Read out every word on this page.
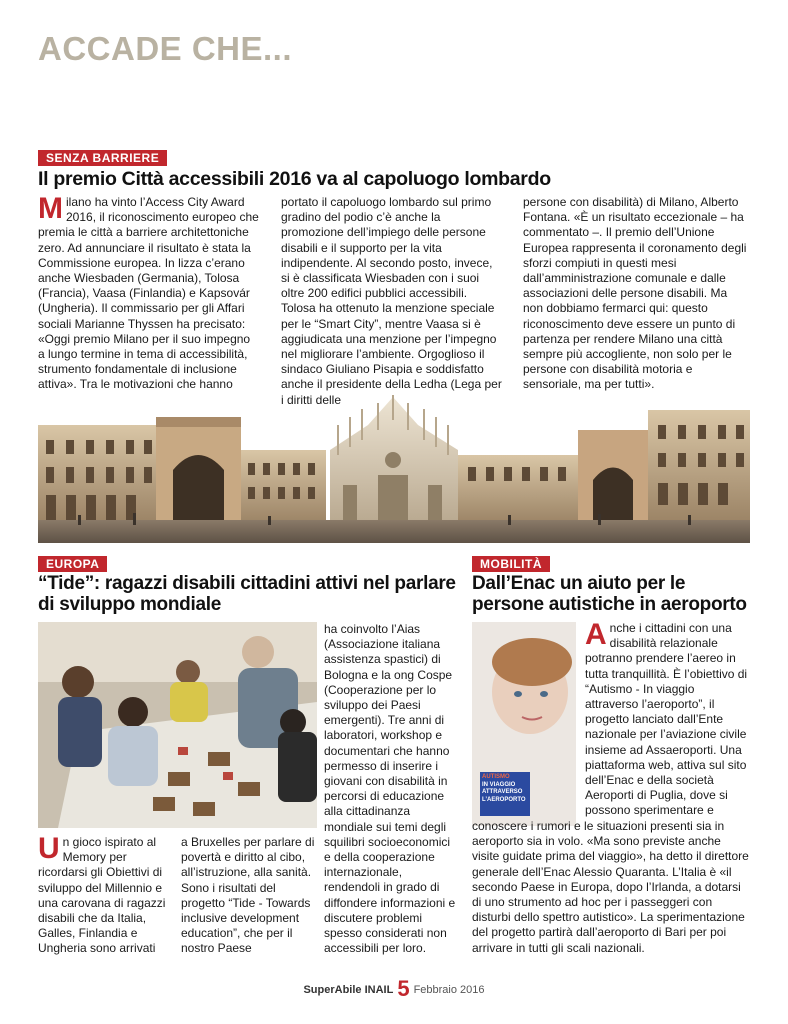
ACCADE CHE...
SENZA BARRIERE
Il premio Città accessibili 2016 va al capoluogo lombardo

Milano ha vinto l’Access City Award 2016, il riconoscimento europeo che premia le città a barriere architettoniche zero. Ad annunciare il risultato è stata la Commissione europea. In lizza c’erano anche Wiesbaden (Germania), Tolosa (Francia), Vaasa (Finlandia) e Kapsovár (Ungheria). Il commissario per gli Affari sociali Marianne Thyssen ha precisato: «Oggi premio Milano per il suo impegno a lungo termine in tema di accessibilità, strumento fondamentale di inclusione attiva». Tra le motivazioni che hanno

portato il capoluogo lombardo sul primo gradino del podio c’è anche la promozione dell’impiego delle persone disabili e il supporto per la vita indipendente. Al secondo posto, invece, si è classificata Wiesbaden con i suoi oltre 200 edifici pubblici accessibili. Tolosa ha ottenuto la menzione speciale per le “Smart City”, mentre Vaasa si è aggiudicata una menzione per l’impegno nel migliorare l’ambiente. Orgoglioso il sindaco Giuliano Pisapia e soddisfatto anche il presidente della Ledha (Lega per i diritti delle

persone con disabilità) di Milano, Alberto Fontana. «È un risultato eccezionale – ha commentato –. Il premio dell’Unione Europea rappresenta il coronamento degli sforzi compiuti in questi mesi dall’amministrazione comunale e dalle associazioni delle persone disabili. Ma non dobbiamo fermarci qui: questo riconoscimento deve essere un punto di partenza per rendere Milano una città sempre più accogliente, non solo per le persone con disabilità motoria e sensoriale, ma per tutti».

EUROPA
“Tide”: ragazzi disabili cittadini attivi nel parlare di sviluppo mondiale

Un gioco ispirato al Memory per ricordarsi gli Obiettivi di sviluppo del Millennio e una carovana di ragazzi disabili che da Italia, Galles, Finlandia e Ungheria sono arrivati

a Bruxelles per parlare di povertà e diritto al cibo, all’istruzione, alla sanità. Sono i risultati del progetto “Tide - Towards inclusive development education”, che per il nostro Paese

ha coinvolto l’Aias (Associazione italiana assistenza spastici) di Bologna e la ong Cospe (Cooperazione per lo sviluppo dei Paesi emergenti). Tre anni di laboratori, workshop e documentari che hanno permesso di inserire i giovani con disabilità in percorsi di educazione alla cittadinanza mondiale sui temi degli squilibri socioeconomici e della cooperazione internazionale, rendendoli in grado di diffondere informazioni e discutere problemi spesso considerati non accessibili per loro.

MOBILITÀ
Dall’Enac un aiuto per le persone autistiche in aeroporto
AUTISMO
IN VIAGGIO
ATTRAVERSO
L’AEROPORTO

Anche i cittadini con una disabilità relazionale potranno prendere l’aereo in tutta tranquillità. È l’obiettivo di “Autismo - In viaggio attraverso l’aeroporto”, il progetto lanciato dall’Ente nazionale per l’aviazione civile insieme ad Assaeroporti. Una piattaforma web, attiva sul sito dell’Enac e della società Aeroporti di Puglia, dove si possono sperimentare e

conoscere i rumori e le situazioni presenti sia in aeroporto sia in volo. «Ma sono previste anche visite guidate prima del viaggio», ha detto il direttore generale dell’Enac Alessio Quaranta. L’Italia è «il secondo Paese in Europa, dopo l’Irlanda, a dotarsi di uno strumento ad hoc per i passeggeri con disturbi dello spettro autistico». La sperimentazione del progetto partirà dall’aeroporto di Bari per poi arrivare in tutti gli scali nazionali.

SuperAbile INAIL 5 Febbraio 2016
